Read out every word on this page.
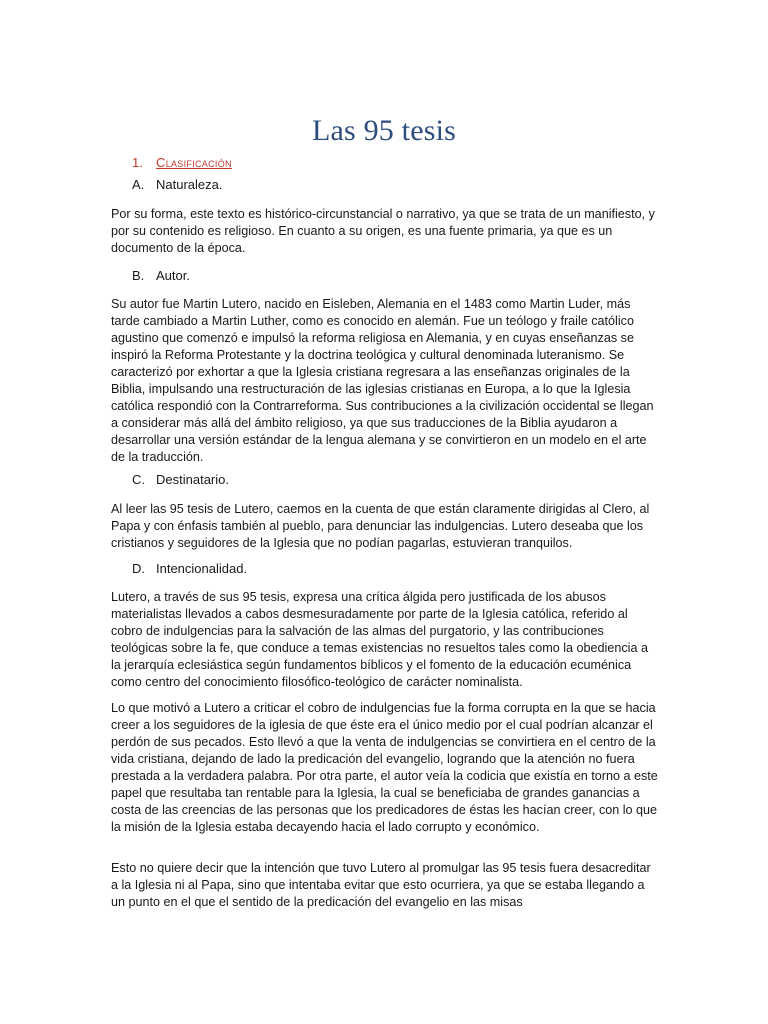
Las 95 tesis

1. Clasificación

A. Naturaleza.

Por su forma, este texto es histórico-circunstancial o narrativo, ya que se trata de un manifiesto, y por su contenido es religioso. En cuanto a su origen, es una fuente primaria, ya que es un documento de la época.

B. Autor.

Su autor fue Martin Lutero, nacido en Eisleben, Alemania en el 1483 como Martin Luder, más tarde cambiado a Martin Luther, como es conocido en alemán. Fue un teólogo y fraile católico agustino que comenzó e impulsó la reforma religiosa en Alemania, y en cuyas enseñanzas se inspiró la Reforma Protestante y la doctrina teológica y cultural denominada luteranismo. Se caracterizó por exhortar a que la Iglesia cristiana regresara a las enseñanzas originales de la Biblia, impulsando una restructuración de las iglesias cristianas en Europa, a lo que la Iglesia católica respondió con la Contrarreforma. Sus contribuciones a la civilización occidental se llegan a considerar más allá del ámbito religioso, ya que sus traducciones de la Biblia ayudaron a desarrollar una versión estándar de la lengua alemana y se convirtieron en un modelo en el arte de la traducción.

C. Destinatario.

Al leer las 95 tesis de Lutero, caemos en la cuenta de que están claramente dirigidas al Clero, al Papa y con énfasis también al pueblo, para denunciar las indulgencias. Lutero deseaba que los cristianos y seguidores de la Iglesia que no podían pagarlas, estuvieran tranquilos.

D. Intencionalidad.

Lutero, a través de sus 95 tesis, expresa una crítica álgida pero justificada de los abusos materialistas llevados a cabos desmesuradamente por parte de la Iglesia católica, referido al cobro de indulgencias para la salvación de las almas del purgatorio, y las contribuciones teológicas sobre la fe, que conduce a temas existencias no resueltos tales como la obediencia a la jerarquía eclesiástica según fundamentos bíblicos y el fomento de la educación ecuménica como centro del conocimiento filosófico-teológico de carácter nominalista.

Lo que motivó a Lutero a criticar el cobro de indulgencias fue la forma corrupta en la que se hacia creer a los seguidores de la iglesia de que éste era el único medio por el cual podrían alcanzar el perdón de sus pecados. Esto llevó a que la venta de indulgencias se convirtiera en el centro de la vida cristiana, dejando de lado la predicación del evangelio, logrando que la atención no fuera prestada a la verdadera palabra. Por otra parte, el autor veía la codicia que existía en torno a este papel que resultaba tan rentable para la Iglesia, la cual se beneficiaba de grandes ganancias a costa de las creencias de las personas que los predicadores de éstas les hacían creer, con lo que la misión de la Iglesia estaba decayendo hacia el lado corrupto y económico.

Esto no quiere decir que la intención que tuvo Lutero al promulgar las 95 tesis fuera desacreditar a la Iglesia ni al Papa, sino que intentaba evitar que esto ocurriera, ya que se estaba llegando a un punto en el que el sentido de la predicación del evangelio en las misas
